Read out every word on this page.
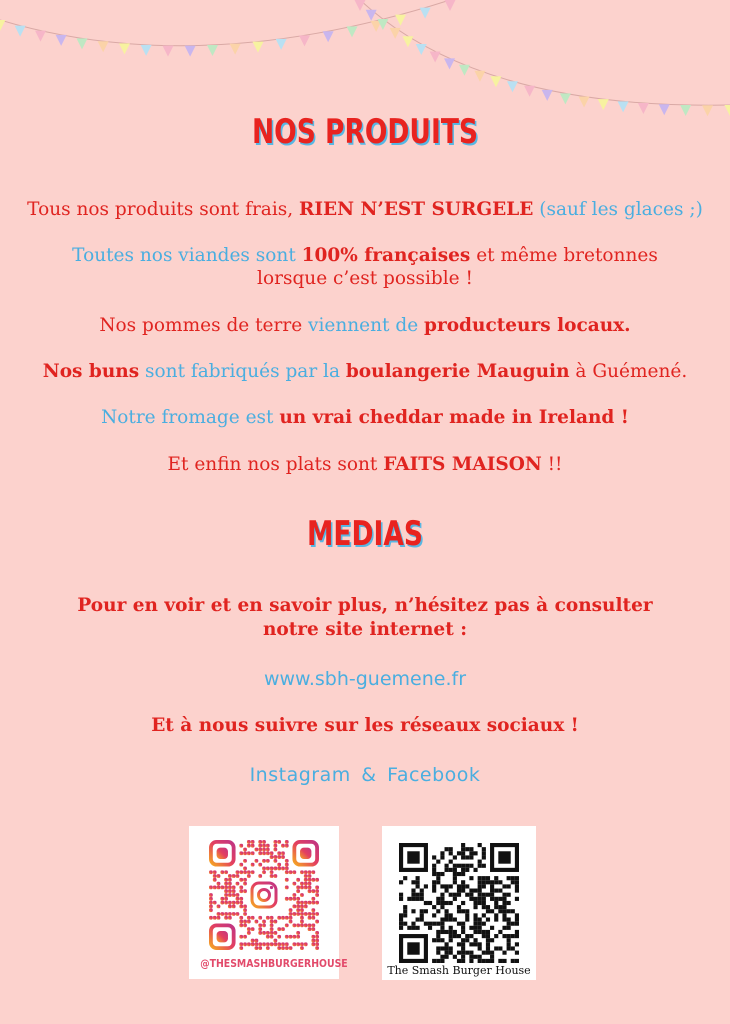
NOS PRODUITS
Tous nos produits sont frais, RIEN N’EST SURGELE (sauf les glaces ;)
Toutes nos viandes sont 100% françaises et même bretonnes
lorsque c’est possible !
Nos pommes de terre viennent de producteurs locaux.
Nos buns sont fabriqués par la boulangerie Mauguin à Guémené.
Notre fromage est un vrai cheddar made in Ireland !
Et enfin nos plats sont FAITS MAISON !!
MEDIAS
Pour en voir et en savoir plus, n’hésitez pas à consulter
notre site internet :
www.sbh-guemene.fr
Et à nous suivre sur les réseaux sociaux !
Instagram & Facebook
@THESMASHBURGERHOUSE
The Smash Burger House
